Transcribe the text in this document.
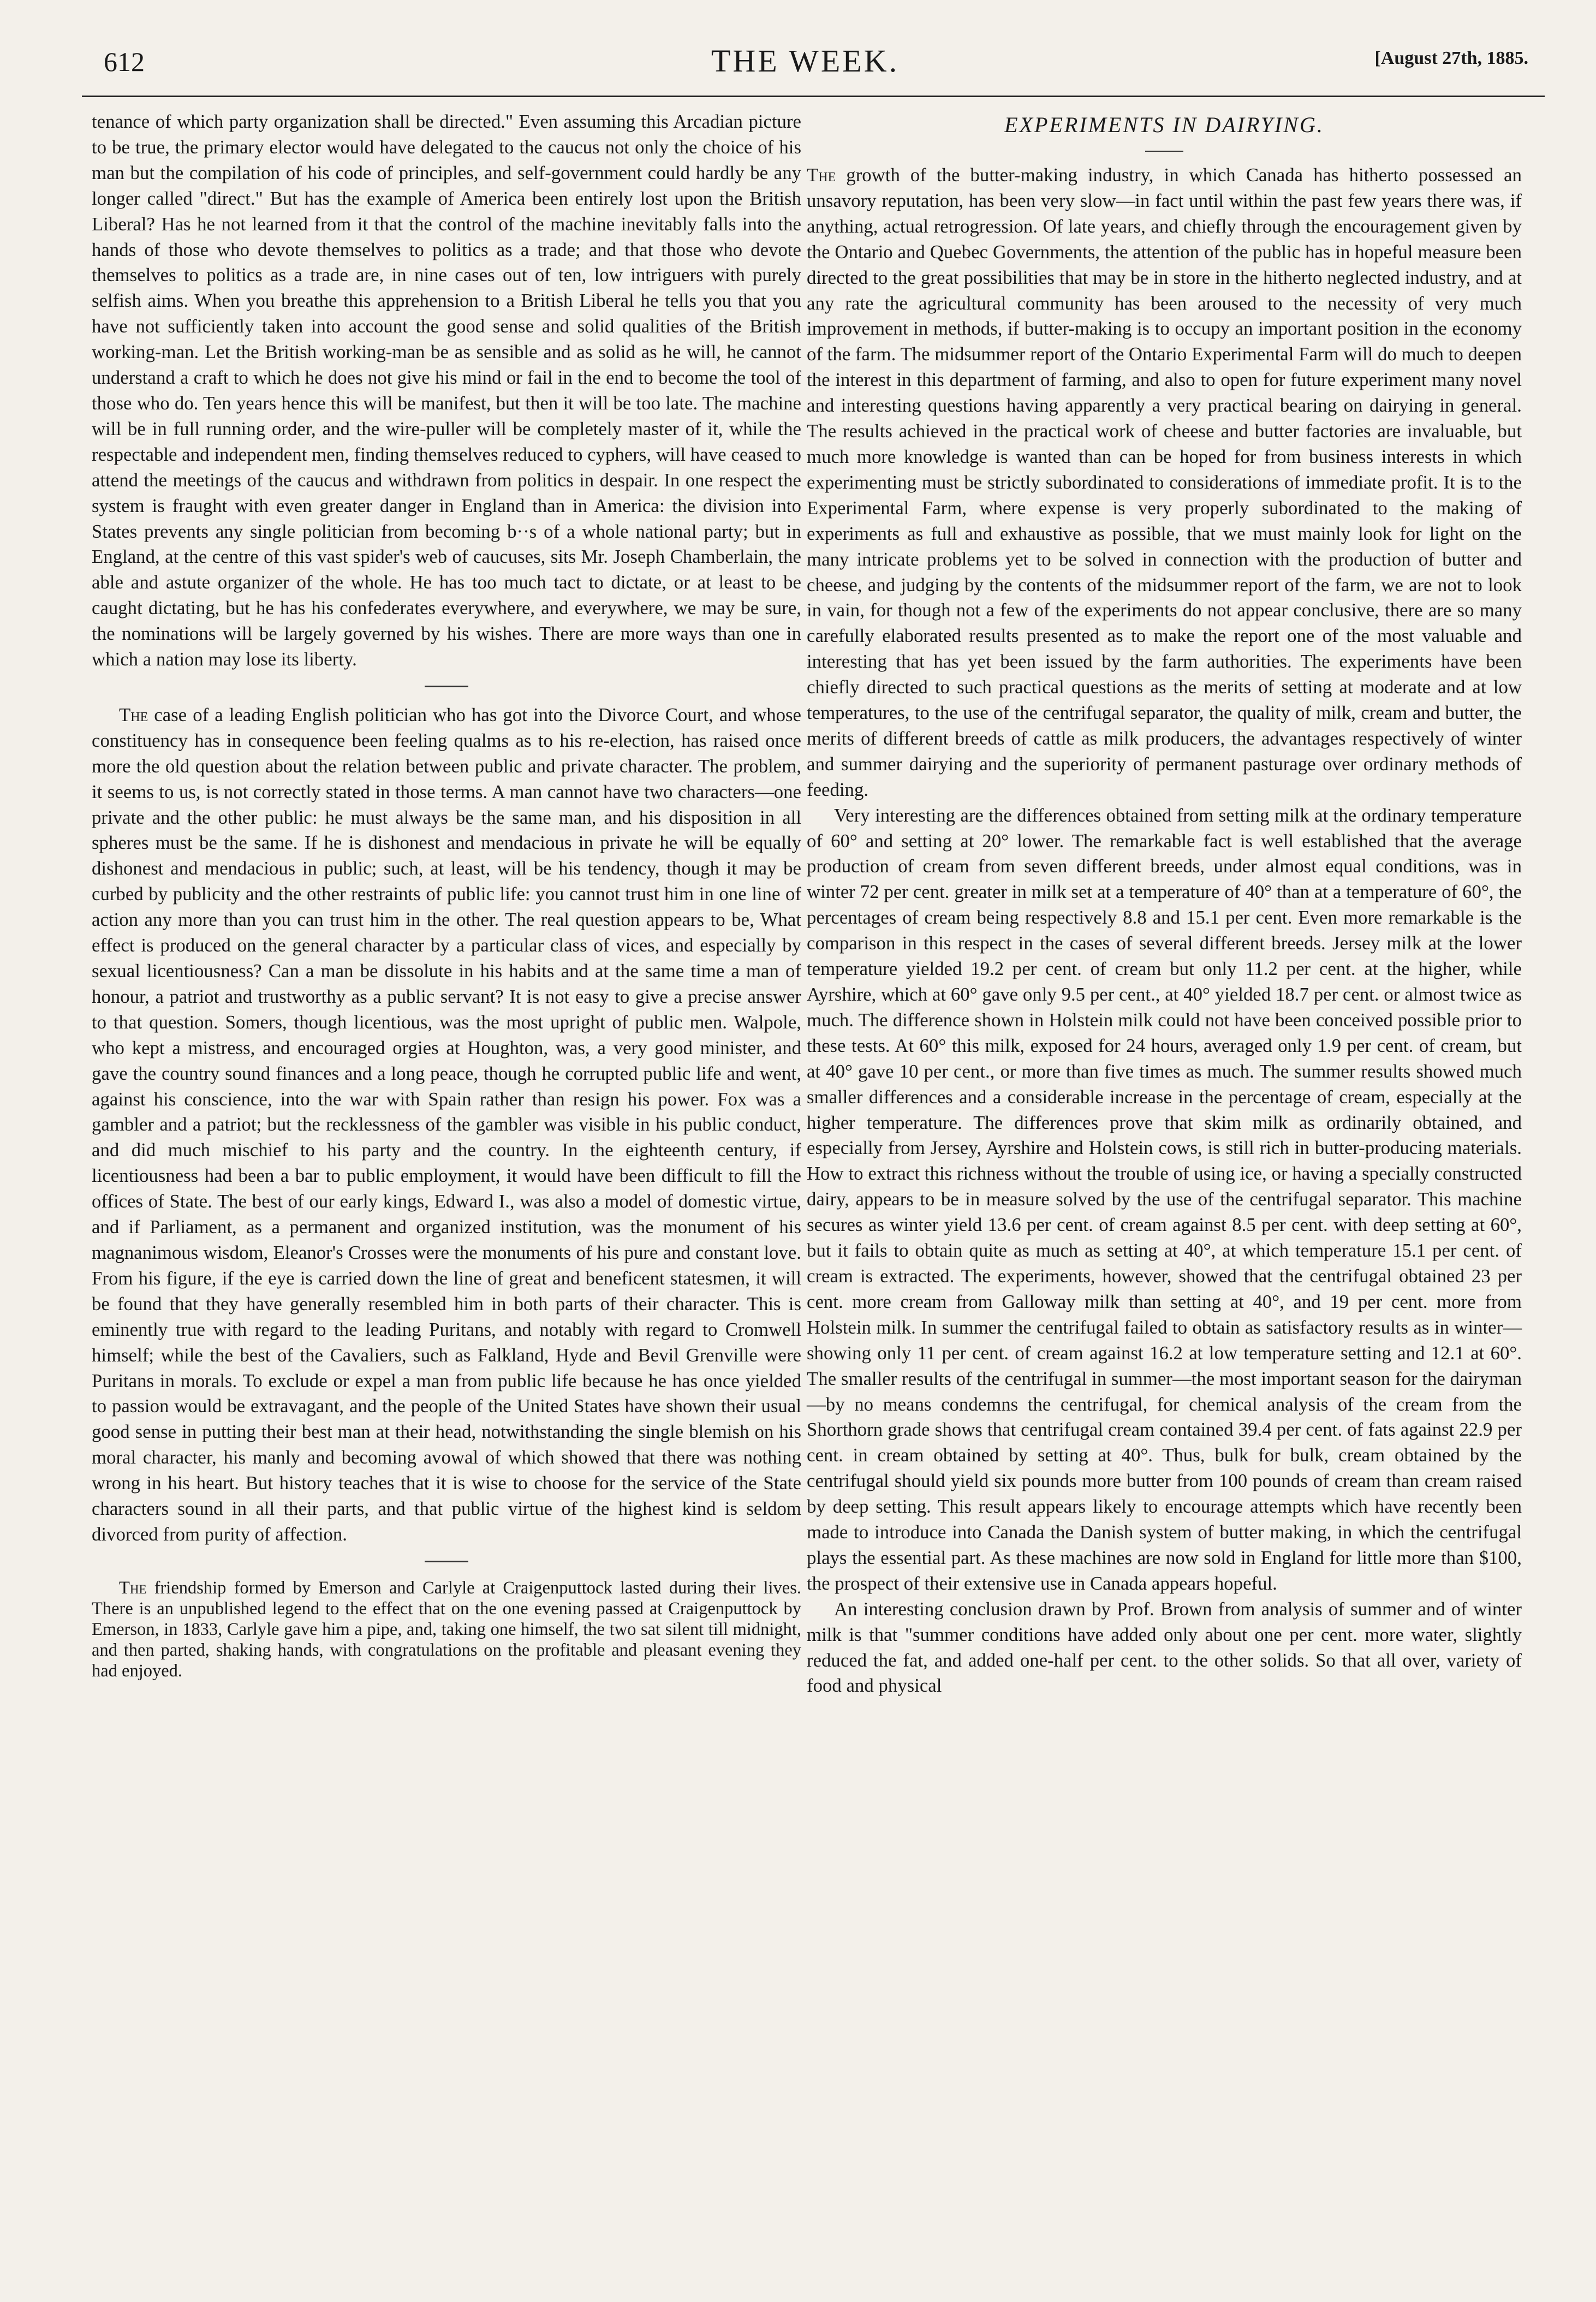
612	THE WEEK.	[August 27th, 1885.

tenance of which party organization shall be directed." Even assuming this Arcadian picture to be true, the primary elector would have delegated to the caucus not only the choice of his man but the compilation of his code of principles, and self-government could hardly be any longer called "direct." But has the example of America been entirely lost upon the British Liberal? Has he not learned from it that the control of the machine inevitably falls into the hands of those who devote themselves to politics as a trade; and that those who devote themselves to politics as a trade are, in nine cases out of ten, low intriguers with purely selfish aims. When you breathe this apprehension to a British Liberal he tells you that you have not sufficiently taken into account the good sense and solid qualities of the British working-man. Let the British working-man be as sensible and as solid as he will, he cannot understand a craft to which he does not give his mind or fail in the end to become the tool of those who do. Ten years hence this will be manifest, but then it will be too late. The machine will be in full running order, and the wire-puller will be completely master of it, while the respectable and independent men, finding themselves reduced to cyphers, will have ceased to attend the meetings of the caucus and withdrawn from politics in despair. In one respect the system is fraught with even greater danger in England than in America: the division into States prevents any single politician from becoming b··s of a whole national party; but in England, at the centre of this vast spider's web of caucuses, sits Mr. Joseph Chamberlain, the able and astute organizer of the whole. He has too much tact to dictate, or at least to be caught dictating, but he has his confederates everywhere, and everywhere, we may be sure, the nominations will be largely governed by his wishes. There are more ways than one in which a nation may lose its liberty.

The case of a leading English politician who has got into the Divorce Court, and whose constituency has in consequence been feeling qualms as to his re-election, has raised once more the old question about the relation between public and private character. The problem, it seems to us, is not correctly stated in those terms. A man cannot have two characters—one private and the other public: he must always be the same man, and his disposition in all spheres must be the same. If he is dishonest and mendacious in private he will be equally dishonest and mendacious in public; such, at least, will be his tendency, though it may be curbed by publicity and the other restraints of public life: you cannot trust him in one line of action any more than you can trust him in the other. The real question appears to be, What effect is produced on the general character by a particular class of vices, and especially by sexual licentiousness? Can a man be dissolute in his habits and at the same time a man of honour, a patriot and trustworthy as a public servant? It is not easy to give a precise answer to that question. Somers, though licentious, was the most upright of public men. Walpole, who kept a mistress, and encouraged orgies at Houghton, was, a very good minister, and gave the country sound finances and a long peace, though he corrupted public life and went, against his conscience, into the war with Spain rather than resign his power. Fox was a gambler and a patriot; but the recklessness of the gambler was visible in his public conduct, and did much mischief to his party and the country. In the eighteenth century, if licentiousness had been a bar to public employment, it would have been difficult to fill the offices of State. The best of our early kings, Edward I., was also a model of domestic virtue, and if Parliament, as a permanent and organized institution, was the monument of his magnanimous wisdom, Eleanor's Crosses were the monuments of his pure and constant love. From his figure, if the eye is carried down the line of great and beneficent statesmen, it will be found that they have generally resembled him in both parts of their character. This is eminently true with regard to the leading Puritans, and notably with regard to Cromwell himself; while the best of the Cavaliers, such as Falkland, Hyde and Bevil Grenville were Puritans in morals. To exclude or expel a man from public life because he has once yielded to passion would be extravagant, and the people of the United States have shown their usual good sense in putting their best man at their head, notwithstanding the single blemish on his moral character, his manly and becoming avowal of which showed that there was nothing wrong in his heart. But history teaches that it is wise to choose for the service of the State characters sound in all their parts, and that public virtue of the highest kind is seldom divorced from purity of affection.

The friendship formed by Emerson and Carlyle at Craigenputtock lasted during their lives. There is an unpublished legend to the effect that on the one evening passed at Craigenputtock by Emerson, in 1833, Carlyle gave him a pipe, and, taking one himself, the two sat silent till midnight, and then parted, shaking hands, with congratulations on the profitable and pleasant evening they had enjoyed.

EXPERIMENTS IN DAIRYING.

The growth of the butter-making industry, in which Canada has hitherto possessed an unsavory reputation, has been very slow—in fact until within the past few years there was, if anything, actual retrogression. Of late years, and chiefly through the encouragement given by the Ontario and Quebec Governments, the attention of the public has in hopeful measure been directed to the great possibilities that may be in store in the hitherto neglected industry, and at any rate the agricultural community has been aroused to the necessity of very much improvement in methods, if butter-making is to occupy an important position in the economy of the farm. The midsummer report of the Ontario Experimental Farm will do much to deepen the interest in this department of farming, and also to open for future experiment many novel and interesting questions having apparently a very practical bearing on dairying in general. The results achieved in the practical work of cheese and butter factories are invaluable, but much more knowledge is wanted than can be hoped for from business interests in which experimenting must be strictly subordinated to considerations of immediate profit. It is to the Experimental Farm, where expense is very properly subordinated to the making of experiments as full and exhaustive as possible, that we must mainly look for light on the many intricate problems yet to be solved in connection with the production of butter and cheese, and judging by the contents of the midsummer report of the farm, we are not to look in vain, for though not a few of the experiments do not appear conclusive, there are so many carefully elaborated results presented as to make the report one of the most valuable and interesting that has yet been issued by the farm authorities. The experiments have been chiefly directed to such practical questions as the merits of setting at moderate and at low temperatures, to the use of the centrifugal separator, the quality of milk, cream and butter, the merits of different breeds of cattle as milk producers, the advantages respectively of winter and summer dairying and the superiority of permanent pasturage over ordinary methods of feeding.

Very interesting are the differences obtained from setting milk at the ordinary temperature of 60° and setting at 20° lower. The remarkable fact is well established that the average production of cream from seven different breeds, under almost equal conditions, was in winter 72 per cent. greater in milk set at a temperature of 40° than at a temperature of 60°, the percentages of cream being respectively 8.8 and 15.1 per cent. Even more remarkable is the comparison in this respect in the cases of several different breeds. Jersey milk at the lower temperature yielded 19.2 per cent. of cream but only 11.2 per cent. at the higher, while Ayrshire, which at 60° gave only 9.5 per cent., at 40° yielded 18.7 per cent. or almost twice as much. The difference shown in Holstein milk could not have been conceived possible prior to these tests. At 60° this milk, exposed for 24 hours, averaged only 1.9 per cent. of cream, but at 40° gave 10 per cent., or more than five times as much. The summer results showed much smaller differences and a considerable increase in the percentage of cream, especially at the higher temperature. The differences prove that skim milk as ordinarily obtained, and especially from Jersey, Ayrshire and Holstein cows, is still rich in butter-producing materials. How to extract this richness without the trouble of using ice, or having a specially constructed dairy, appears to be in measure solved by the use of the centrifugal separator. This machine secures as winter yield 13.6 per cent. of cream against 8.5 per cent. with deep setting at 60°, but it fails to obtain quite as much as setting at 40°, at which temperature 15.1 per cent. of cream is extracted. The experiments, however, showed that the centrifugal obtained 23 per cent. more cream from Galloway milk than setting at 40°, and 19 per cent. more from Holstein milk. In summer the centrifugal failed to obtain as satisfactory results as in winter—showing only 11 per cent. of cream against 16.2 at low temperature setting and 12.1 at 60°. The smaller results of the centrifugal in summer—the most important season for the dairyman—by no means condemns the centrifugal, for chemical analysis of the cream from the Shorthorn grade shows that centrifugal cream contained 39.4 per cent. of fats against 22.9 per cent. in cream obtained by setting at 40°. Thus, bulk for bulk, cream obtained by the centrifugal should yield six pounds more butter from 100 pounds of cream than cream raised by deep setting. This result appears likely to encourage attempts which have recently been made to introduce into Canada the Danish system of butter making, in which the centrifugal plays the essential part. As these machines are now sold in England for little more than $100, the prospect of their extensive use in Canada appears hopeful.

An interesting conclusion drawn by Prof. Brown from analysis of summer and of winter milk is that "summer conditions have added only about one per cent. more water, slightly reduced the fat, and added one-half per cent. to the other solids. So that all over, variety of food and physical
